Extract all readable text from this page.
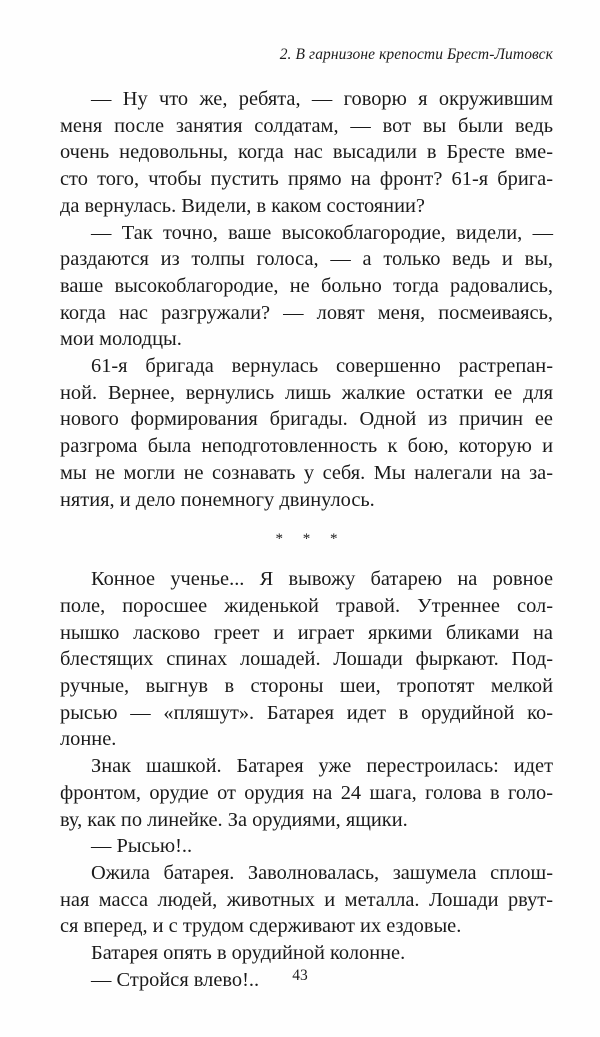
2. В гарнизоне крепости Брест-Литовск
— Ну что же, ребята, — говорю я окружившим
меня после занятия солдатам, — вот вы были ведь
очень недовольны, когда нас высадили в Бресте вме-
сто того, чтобы пустить прямо на фронт? 61-я брига-
да вернулась. Видели, в каком состоянии?
— Так точно, ваше высокоблагородие, видели, —
раздаются из толпы голоса, — а только ведь и вы,
ваше высокоблагородие, не больно тогда радовались,
когда нас разгружали? — ловят меня, посмеиваясь,
мои молодцы.
61-я бригада вернулась совершенно растрепан-
ной. Вернее, вернулись лишь жалкие остатки ее для
нового формирования бригады. Одной из причин ее
разгрома была неподготовленность к бою, которую и
мы не могли не сознавать у себя. Мы налегали на за-
нятия, и дело понемногу двинулось.
* * *
Конное ученье... Я вывожу батарею на ровное
поле, поросшее жиденькой травой. Утреннее сол-
нышко ласково греет и играет яркими бликами на
блестящих спинах лошадей. Лошади фыркают. Под-
ручные, выгнув в стороны шеи, тропотят мелкой
рысью — «пляшут». Батарея идет в орудийной ко-
лонне.
Знак шашкой. Батарея уже перестроилась: идет
фронтом, орудие от орудия на 24 шага, голова в голо-
ву, как по линейке. За орудиями, ящики.
— Рысью!..
Ожила батарея. Заволновалась, зашумела сплош-
ная масса людей, животных и металла. Лошади рвут-
ся вперед, и с трудом сдерживают их ездовые.
Батарея опять в орудийной колонне.
— Стройся влево!..	43
